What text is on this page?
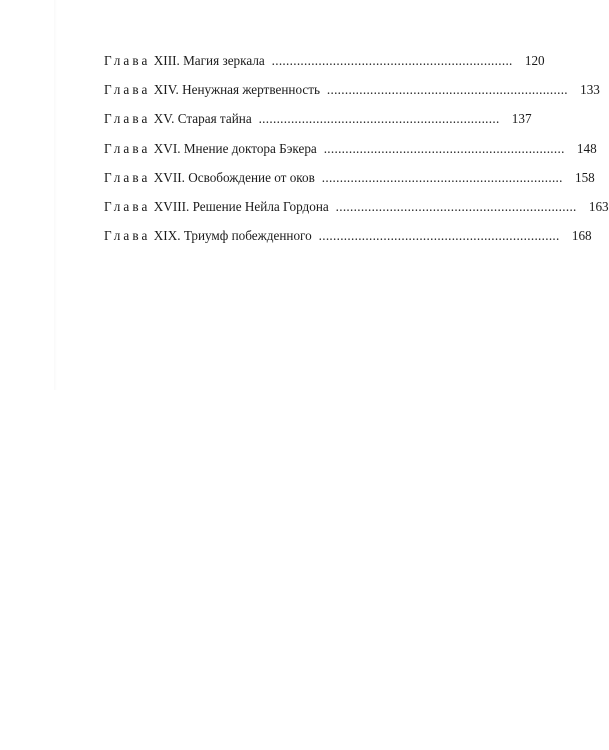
Глава XIII. Магия зеркала  ................................................................... 120
Глава XIV. Ненужная жертвенность  ................................................................... 133
Глава XV. Старая тайна  ................................................................... 137
Глава XVI. Мнение доктора Бэкера  ................................................................... 148
Глава XVII. Освобождение от оков  ................................................................... 158
Глава XVIII. Решение Нейла Гордона  ................................................................... 163
Глава XIX. Триумф побежденного  ................................................................... 168
